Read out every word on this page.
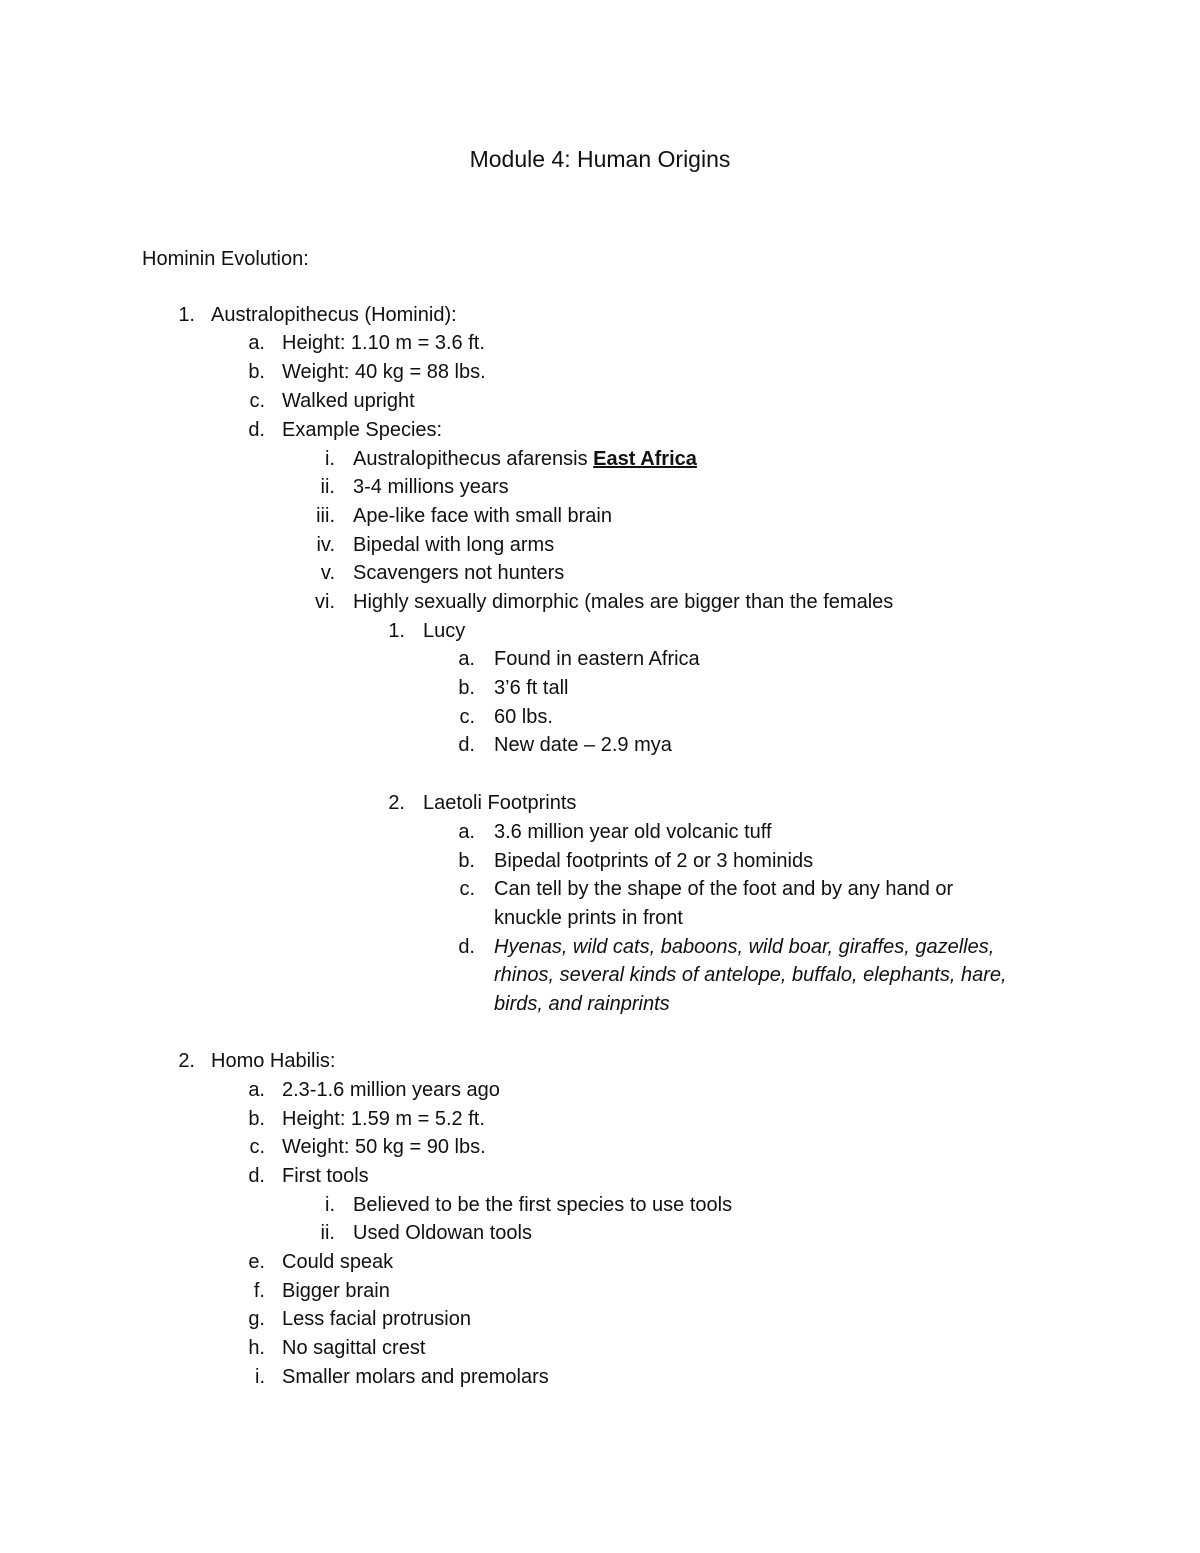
Module 4: Human Origins
Hominin Evolution:
1. Australopithecus (Hominid):
a. Height: 1.10 m = 3.6 ft.
b. Weight: 40 kg = 88 lbs.
c. Walked upright
d. Example Species:
i. Australopithecus afarensis East Africa
ii. 3-4 millions years
iii. Ape-like face with small brain
iv. Bipedal with long arms
v. Scavengers not hunters
vi. Highly sexually dimorphic (males are bigger than the females
1. Lucy
a. Found in eastern Africa
b. 3’6 ft tall
c. 60 lbs.
d. New date – 2.9 mya
2. Laetoli Footprints
a. 3.6 million year old volcanic tuff
b. Bipedal footprints of 2 or 3 hominids
c. Can tell by the shape of the foot and by any hand or
knuckle prints in front
d. Hyenas, wild cats, baboons, wild boar, giraffes, gazelles,
rhinos, several kinds of antelope, buffalo, elephants, hare,
birds, and rainprints
2. Homo Habilis:
a. 2.3-1.6 million years ago
b. Height: 1.59 m = 5.2 ft.
c. Weight: 50 kg = 90 lbs.
d. First tools
i. Believed to be the first species to use tools
ii. Used Oldowan tools
e. Could speak
f. Bigger brain
g. Less facial protrusion
h. No sagittal crest
i. Smaller molars and premolars
